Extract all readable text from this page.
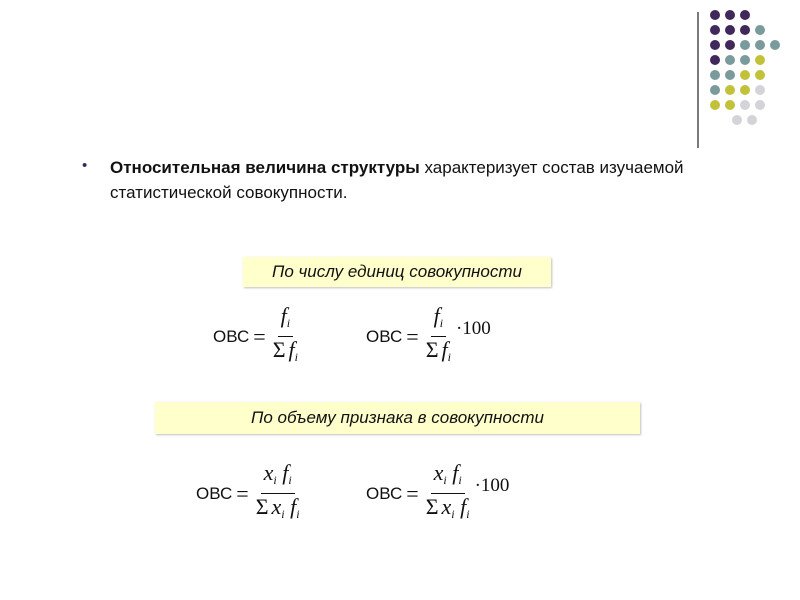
• Относительная величина структуры характеризует состав изучаемой статистической совокупности.
По числу единиц совокупности
ОВС = $\frac{f_i}{\Sigma f_i}$	ОВС = $\frac{f_i}{\Sigma f_i} \cdot 100$
По объему признака в совокупности
ОВС = $\frac{x_i f_i}{\Sigma x_i f_i}$	ОВС = $\frac{x_i f_i}{\Sigma x_i f_i} \cdot 100$
